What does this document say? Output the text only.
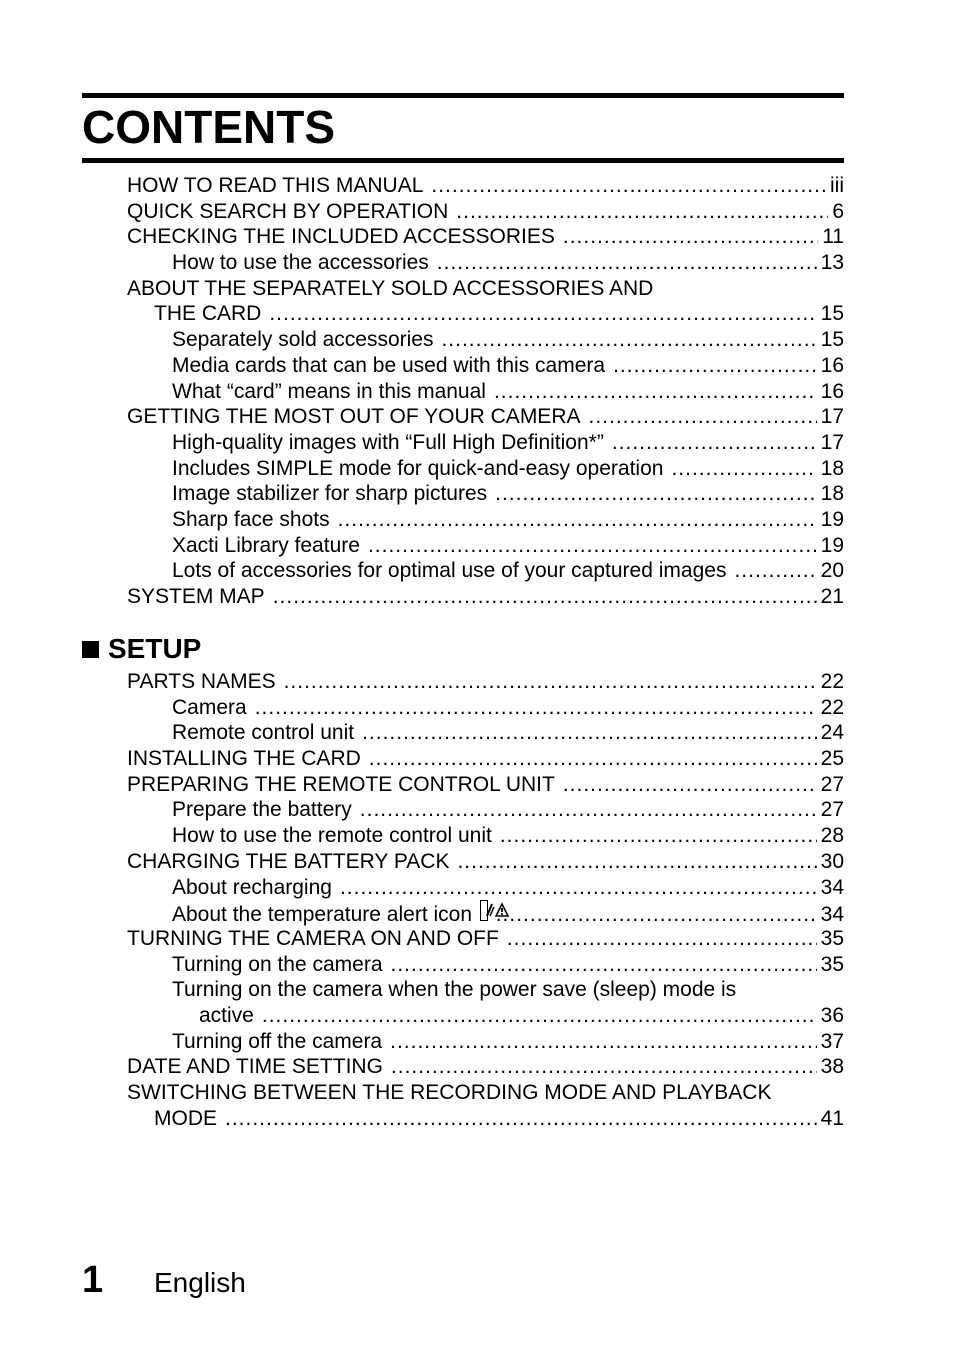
CONTENTS
HOW TO READ THIS MANUAL .....	iii
QUICK SEARCH BY OPERATION .....	6
CHECKING THE INCLUDED ACCESSORIES .....	11
How to use the accessories .....	13
ABOUT THE SEPARATELY SOLD ACCESSORIES AND
THE CARD .....	15
Separately sold accessories .....	15
Media cards that can be used with this camera .....	16
What “card” means in this manual .....	16
GETTING THE MOST OUT OF YOUR CAMERA .....	17
High-quality images with “Full High Definition*” .....	17
Includes SIMPLE mode for quick-and-easy operation .....	18
Image stabilizer for sharp pictures .....	18
Sharp face shots .....	19
Xacti Library feature .....	19
Lots of accessories for optimal use of your captured images .....	20
SYSTEM MAP .....	21
SETUP
PARTS NAMES .....	22
Camera .....	22
Remote control unit .....	24
INSTALLING THE CARD .....	25
PREPARING THE REMOTE CONTROL UNIT .....	27
Prepare the battery .....	27
How to use the remote control unit .....	28
CHARGING THE BATTERY PACK .....	30
About recharging .....	34
About the temperature alert icon .....	34
TURNING THE CAMERA ON AND OFF .....	35
Turning on the camera .....	35
Turning on the camera when the power save (sleep) mode is
active .....	36
Turning off the camera .....	37
DATE AND TIME SETTING .....	38
SWITCHING BETWEEN THE RECORDING MODE AND PLAYBACK
MODE .....	41
1 English
